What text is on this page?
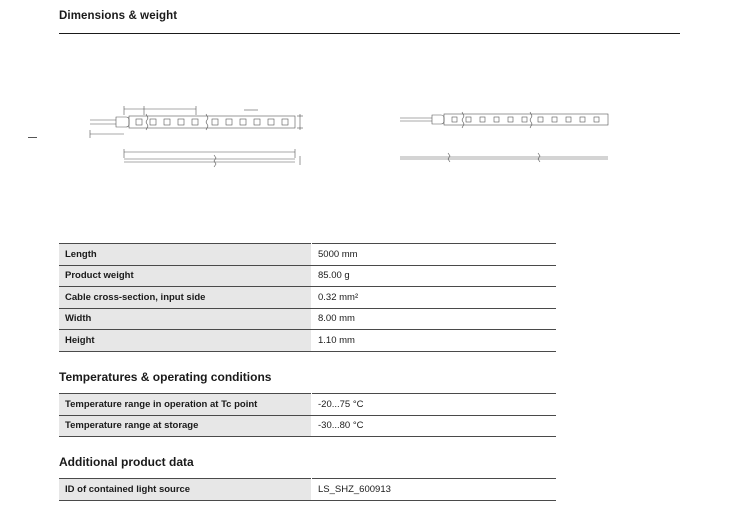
Dimensions & weight
Length	5000 mm
Product weight	85.00 g
Cable cross-section, input side	0.32 mm²
Width	8.00 mm
Height	1.10 mm
Temperatures & operating conditions
Temperature range in operation at Tc point	-20...75 °C
Temperature range at storage	-30...80 °C
Additional product data
ID of contained light source	LS_SHZ_600913
